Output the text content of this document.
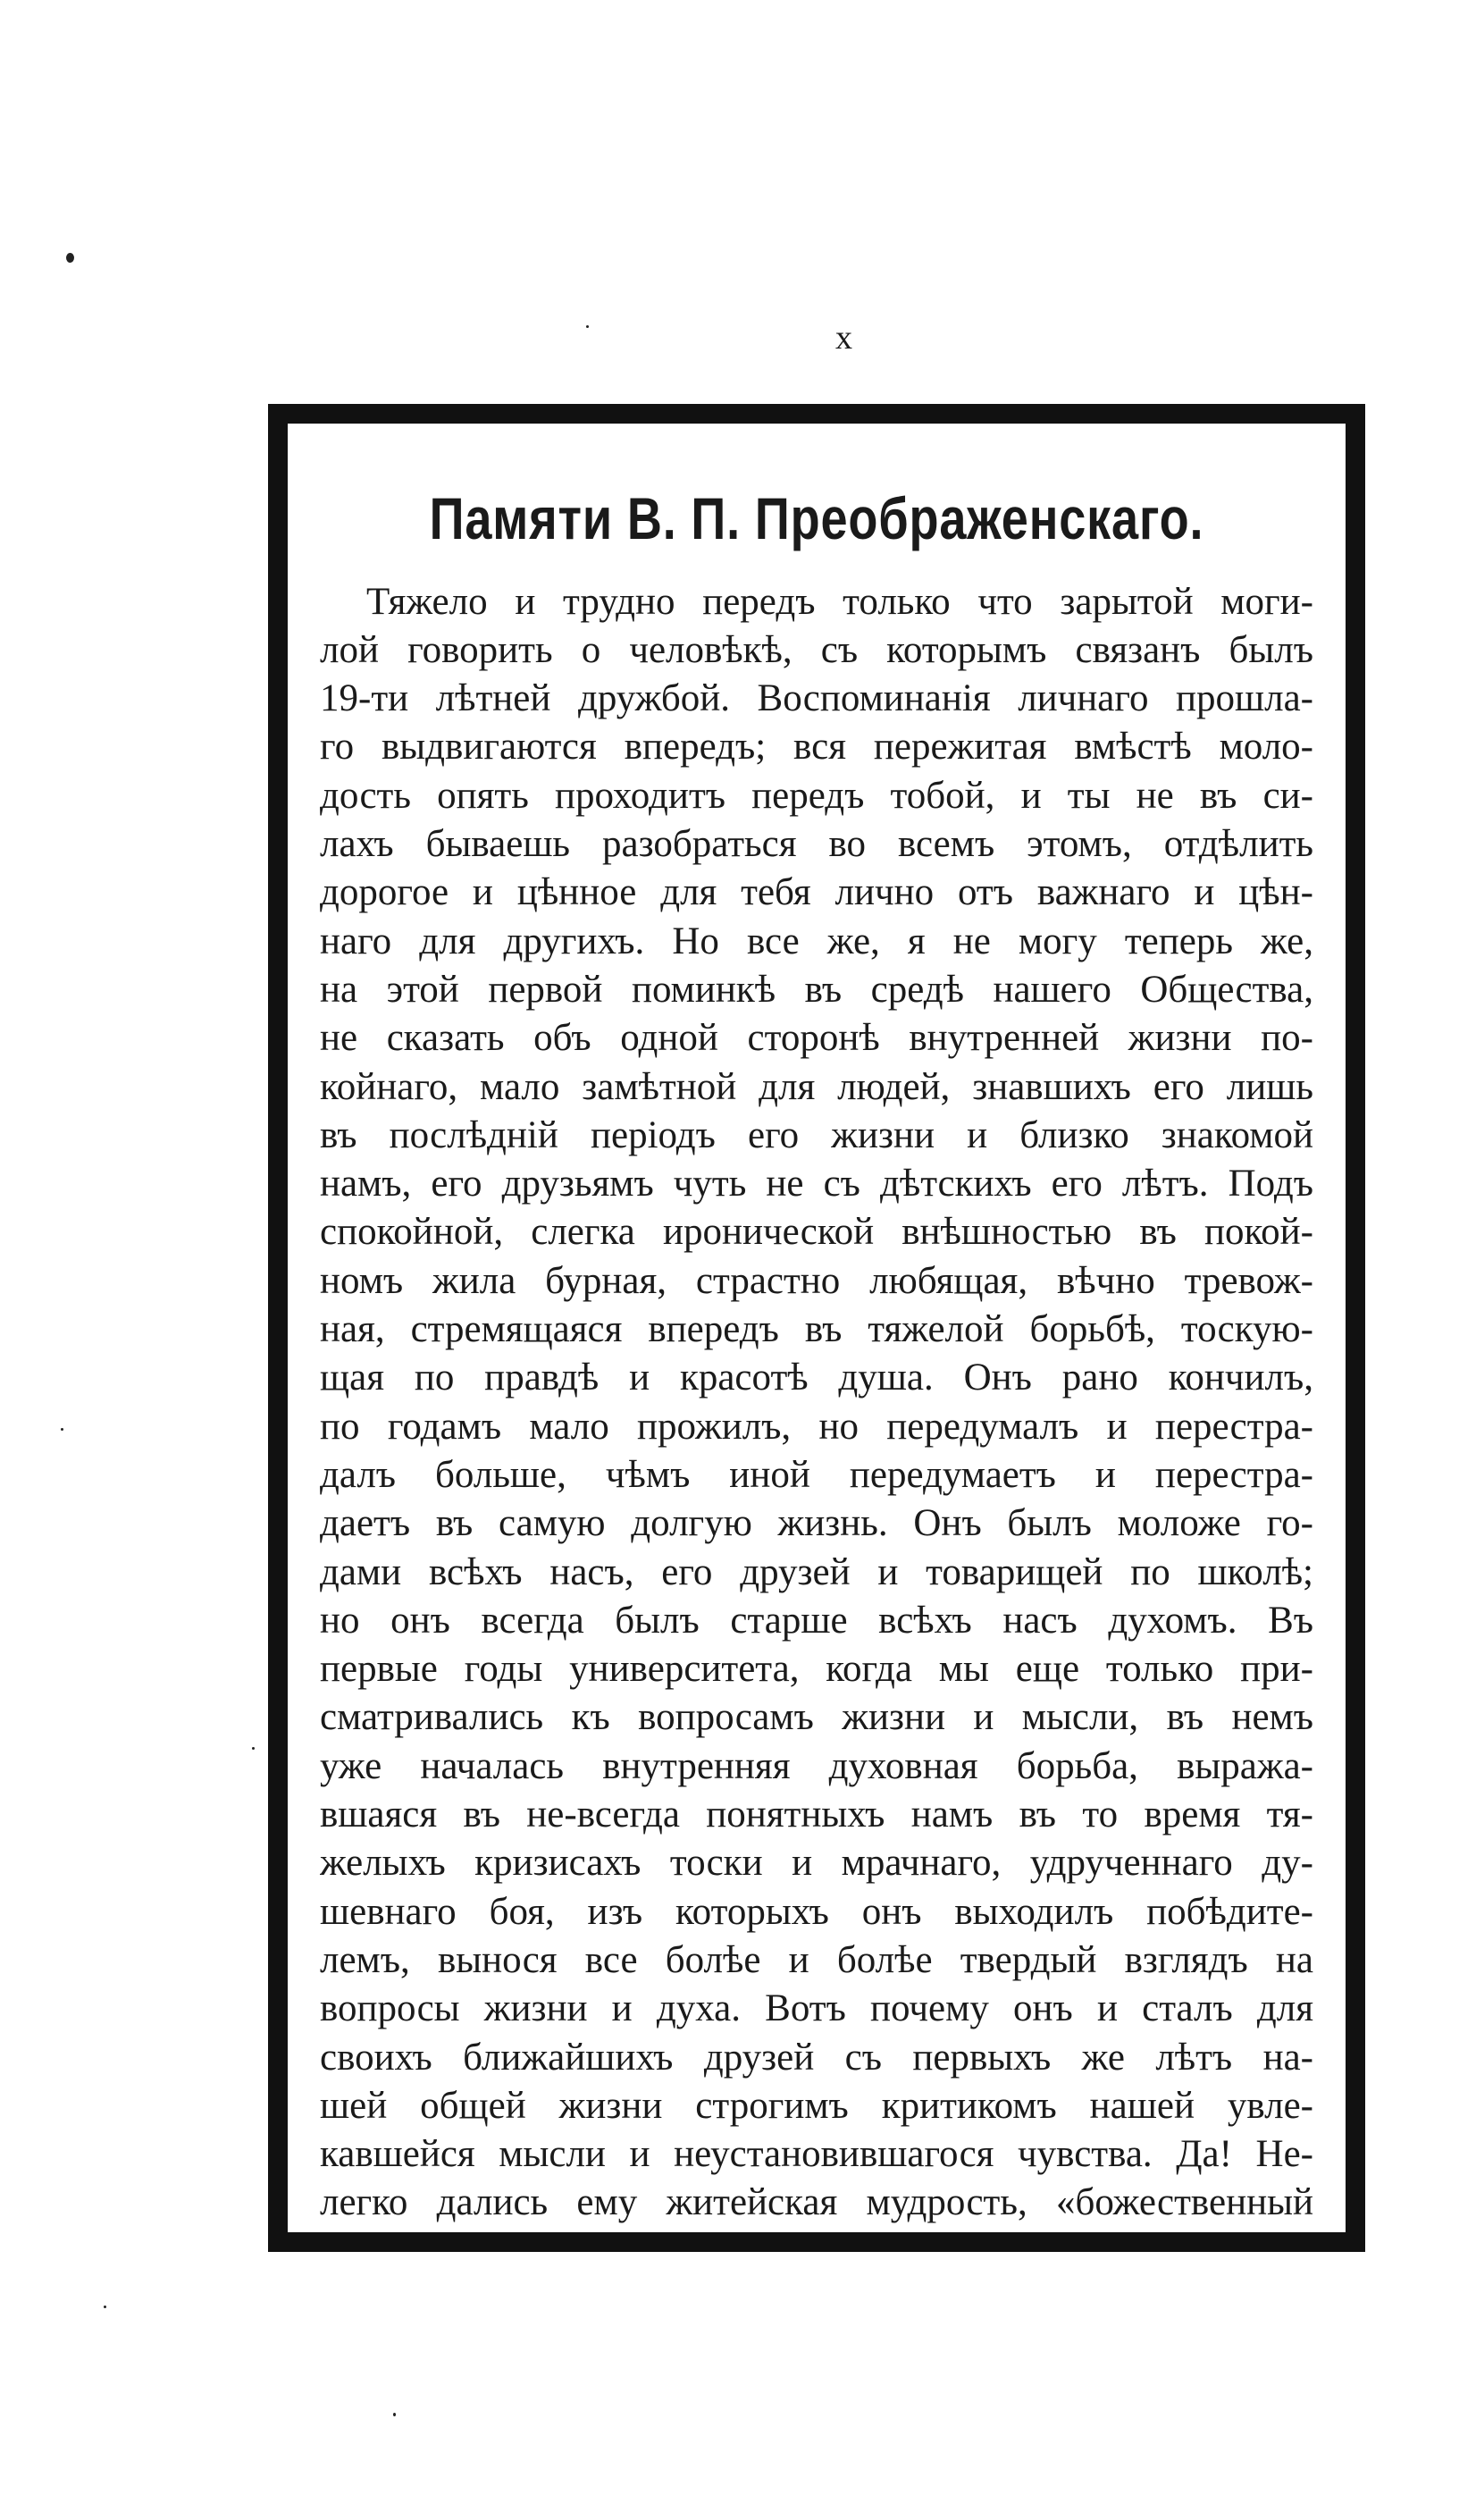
x
Памяти В. П. Преображенскаго.
Тяжело и трудно передъ только что зарытой моги-
лой говорить о человѣкѣ, съ которымъ связанъ былъ
19-ти лѣтней дружбой. Воспоминанія личнаго прошла-
го выдвигаются впередъ; вся пережитая вмѣстѣ моло-
дость опять проходитъ передъ тобой, и ты не въ си-
лахъ бываешь разобраться во всемъ этомъ, отдѣлить
дорогое и цѣнное для тебя лично отъ важнаго и цѣн-
наго для другихъ. Но все же, я не могу теперь же,
на этой первой поминкѣ въ средѣ нашего Общества,
не сказать объ одной сторонѣ внутренней жизни по-
койнаго, мало замѣтной для людей, знавшихъ его лишь
въ послѣдній періодъ его жизни и близко знакомой
намъ, его друзьямъ чуть не съ дѣтскихъ его лѣтъ. Подъ
спокойной, слегка иронической внѣшностью въ покой-
номъ жила бурная, страстно любящая, вѣчно тревож-
ная, стремящаяся впередъ въ тяжелой борьбѣ, тоскую-
щая по правдѣ и красотѣ душа. Онъ рано кончилъ,
по годамъ мало прожилъ, но передумалъ и перестра-
далъ больше, чѣмъ иной передумаетъ и перестра-
даетъ въ самую долгую жизнь. Онъ былъ моложе го-
дами всѣхъ насъ, его друзей и товарищей по школѣ;
но онъ всегда былъ старше всѣхъ насъ духомъ. Въ
первые годы университета, когда мы еще только при-
сматривались къ вопросамъ жизни и мысли, въ немъ
уже началась внутренняя духовная борьба, выража-
вшаяся въ не-всегда понятныхъ намъ въ то время тя-
желыхъ кризисахъ тоски и мрачнаго, удрученнаго ду-
шевнаго боя, изъ которыхъ онъ выходилъ побѣдите-
лемъ, вынося все болѣе и болѣе твердый взглядъ на
вопросы жизни и духа. Вотъ почему онъ и сталъ для
своихъ ближайшихъ друзей съ первыхъ же лѣтъ на-
шей общей жизни строгимъ критикомъ нашей увле-
кавшейся мысли и неустановившагося чувства. Да! Не-
легко дались ему житейская мудрость, «божественный
